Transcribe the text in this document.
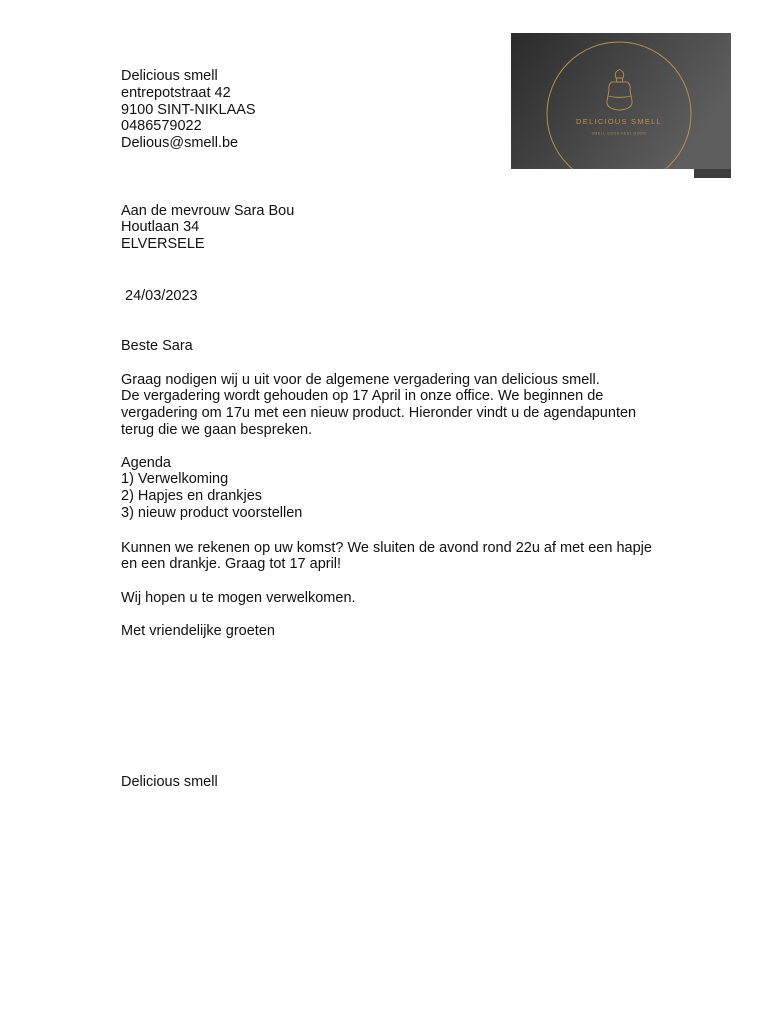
Delicious smell
entrepotstraat 42
9100 SINT-NIKLAAS
0486579022
Delious@smell.be
DELICIOUS SMELL
SMELL GOOD FEEL GOOD
Aan de mevrouw Sara Bou
Houtlaan 34
ELVERSELE
24/03/2023
Beste Sara
Graag nodigen wij u uit voor de algemene vergadering van delicious smell.
De vergadering wordt gehouden op 17 April in onze office. We beginnen de
vergadering om 17u met een nieuw product. Hieronder vindt u de agendapunten
terug die we gaan bespreken.
Agenda
1) Verwelkoming
2) Hapjes en drankjes
3) nieuw product voorstellen
Kunnen we rekenen op uw komst? We sluiten de avond rond 22u af met een hapje
en een drankje. Graag tot 17 april!
Wij hopen u te mogen verwelkomen.
Met vriendelijke groeten
Delicious smell
